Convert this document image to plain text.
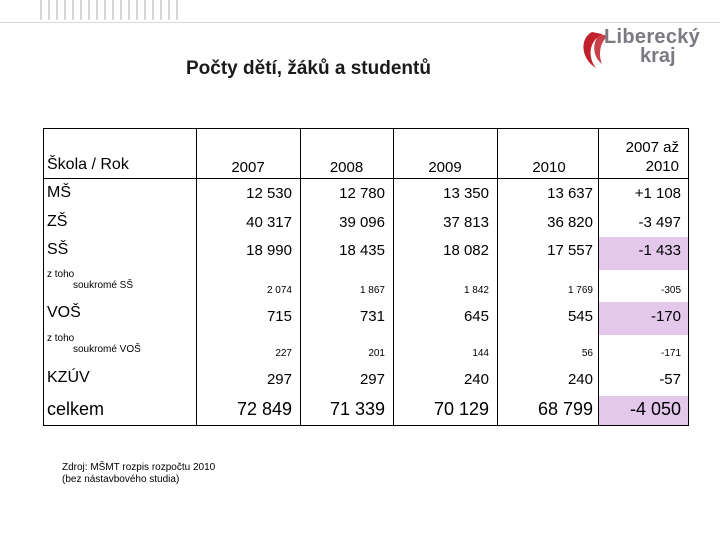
Počty dětí, žáků a studentů
Liberecký
kraj
Škola / Rok	2007	2008	2009	2010	2007 až
2010

MŠ	12 530	12 780	13 350	13 637	+1 108
ZŠ	40 317	39 096	37 813	36 820	-3 497
SŠ	18 990	18 435	18 082	17 557	-1 433

z toho
soukromé SŠ	2 074	1 867	1 842	1 769	-305
VOŠ	715	731	645	545	-170

z toho
soukromé VOŠ	227	201	144	56	-171
KZÚV	297	297	240	240	-57
celkem	72 849	71 339	70 129	68 799	-4 050
Zdroj: MŠMT rozpis rozpočtu 2010
(bez nástavbového studia)
